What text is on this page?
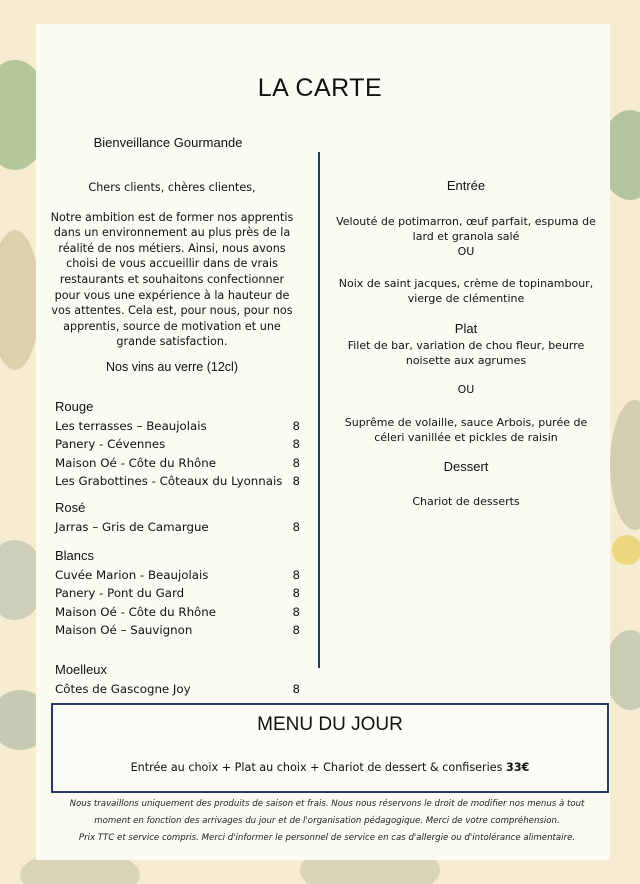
LA CARTE
Bienveillance Gourmande

Chers clients, chères clientes,

Notre ambition est de former nos apprentis dans un environnement au plus près de la réalité de nos métiers. Ainsi, nous avons choisi de vous accueillir dans de vrais restaurants et souhaitons confectionner pour vous une expérience à la hauteur de vos attentes. Cela est, pour nous, pour nos apprentis, source de motivation et une grande satisfaction.

Nos vins au verre (12cl)
Rouge
Les terrasses – Beaujolais	8
Panery - Cévennes	8
Maison Oé - Côte du Rhône	8
Les Grabottines - Côteaux du Lyonnais 8
Rosé
Jarras – Gris de Camargue	8
Blancs
Cuvée Marion - Beaujolais	8
Panery - Pont du Gard	8
Maison Oé - Côte du Rhône	8
Maison Oé – Sauvignon	8
Moelleux
Côtes de Gascogne Joy	8
Entrée
Velouté de potimarron, œuf parfait, espuma de lard et granola salé
OU
Noix de saint jacques, crème de topinambour, vierge de clémentine
Plat
Filet de bar, variation de chou fleur, beurre noisette aux agrumes
OU
Suprême de volaille, sauce Arbois, purée de céleri vanillée et pickles de raisin
Dessert
Chariot de desserts
MENU DU JOUR
Entrée au choix + Plat au choix + Chariot de dessert & confiseries 33€
Nous travaillons uniquement des produits de saison et frais. Nous nous réservons le droit de modifier nos menus à tout
moment en fonction des arrivages du jour et de l'organisation pédagogique. Merci de votre compréhension.
Prix TTC et service compris. Merci d'informer le personnel de service en cas d'allergie ou d'intolérance alimentaire.
